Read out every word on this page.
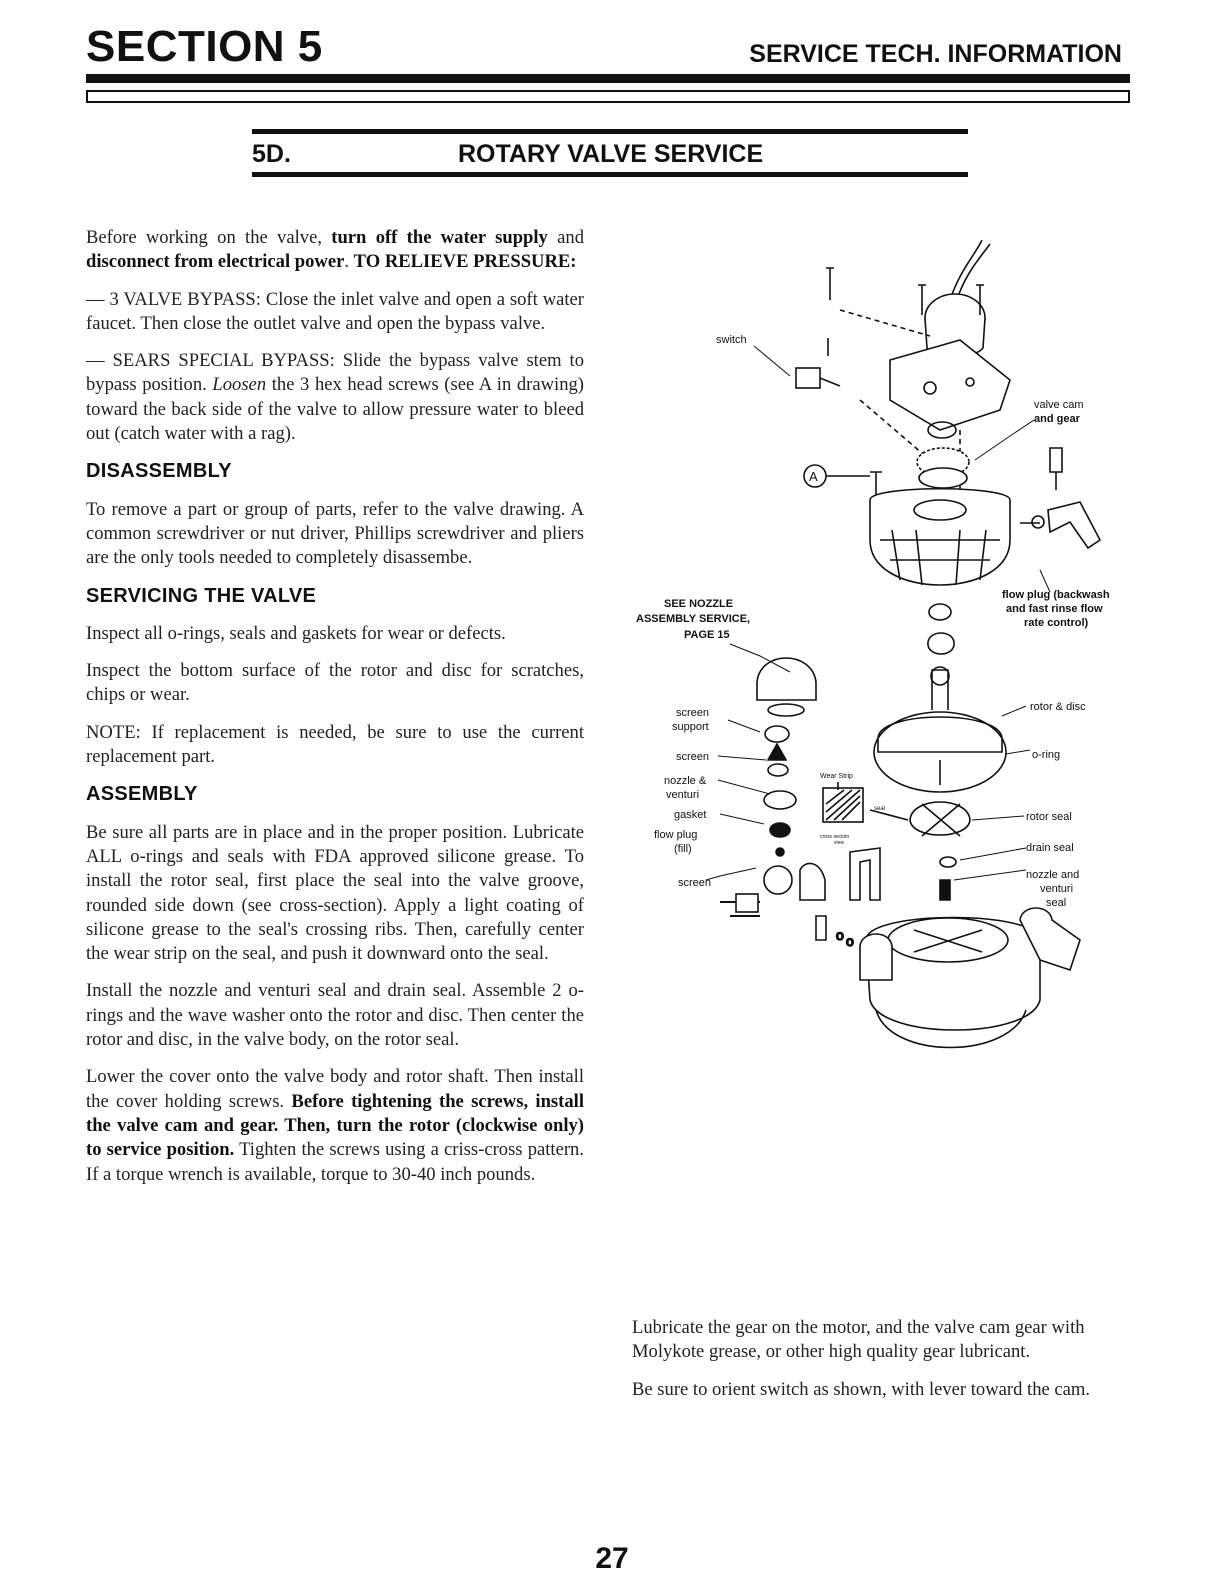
SECTION 5	SERVICE TECH. INFORMATION
5D.	ROTARY VALVE SERVICE

Before working on the valve, turn off the water supply and disconnect from electrical power. TO RELIEVE PRESSURE:

— 3 VALVE BYPASS: Close the inlet valve and open a soft water faucet. Then close the outlet valve and open the bypass valve.

— SEARS SPECIAL BYPASS: Slide the bypass valve stem to bypass position. Loosen the 3 hex head screws (see A in drawing) toward the back side of the valve to allow pressure water to bleed out (catch water with a rag).

DISASSEMBLY

To remove a part or group of parts, refer to the valve drawing. A common screwdriver or nut driver, Phillips screwdriver and pliers are the only tools needed to completely disassembe.

SERVICING THE VALVE

Inspect all o-rings, seals and gaskets for wear or defects.

Inspect the bottom surface of the rotor and disc for scratches, chips or wear.

NOTE: If replacement is needed, be sure to use the current replacement part.

ASSEMBLY

Be sure all parts are in place and in the proper position. Lubricate ALL o-rings and seals with FDA approved silicone grease. To install the rotor seal, first place the seal into the valve groove, rounded side down (see cross-section). Apply a light coating of silicone grease to the seal's crossing ribs. Then, carefully center the wear strip on the seal, and push it downward onto the seal.

Install the nozzle and venturi seal and drain seal. Assemble 2 o-rings and the wave washer onto the rotor and disc. Then center the rotor and disc, in the valve body, on the rotor seal.

Lower the cover onto the valve body and rotor shaft. Then install the cover holding screws. Before tightening the screws, install the valve cam and gear. Then, turn the rotor (clockwise only) to service position. Tighten the screws using a criss-cross pattern. If a torque wrench is available, torque to 30-40 inch pounds.

o o
switch
valve cam
and gear
A
flow plug (backwash
and fast rinse flow
rate control)
SEE NOZZLE
ASSEMBLY SERVICE,
PAGE 15
screen
support
rotor & disc
screen	o-ring
nozzle &
venturi
Wear Strip
seal
gasket	rotor seal
flow plug
(fill)
cross section
view	drain seal
screen
nozzle and
venturi
seal

Lubricate the gear on the motor, and the valve cam gear with Molykote grease, or other high quality gear lubricant.

Be sure to orient switch as shown, with lever toward the cam.

27
